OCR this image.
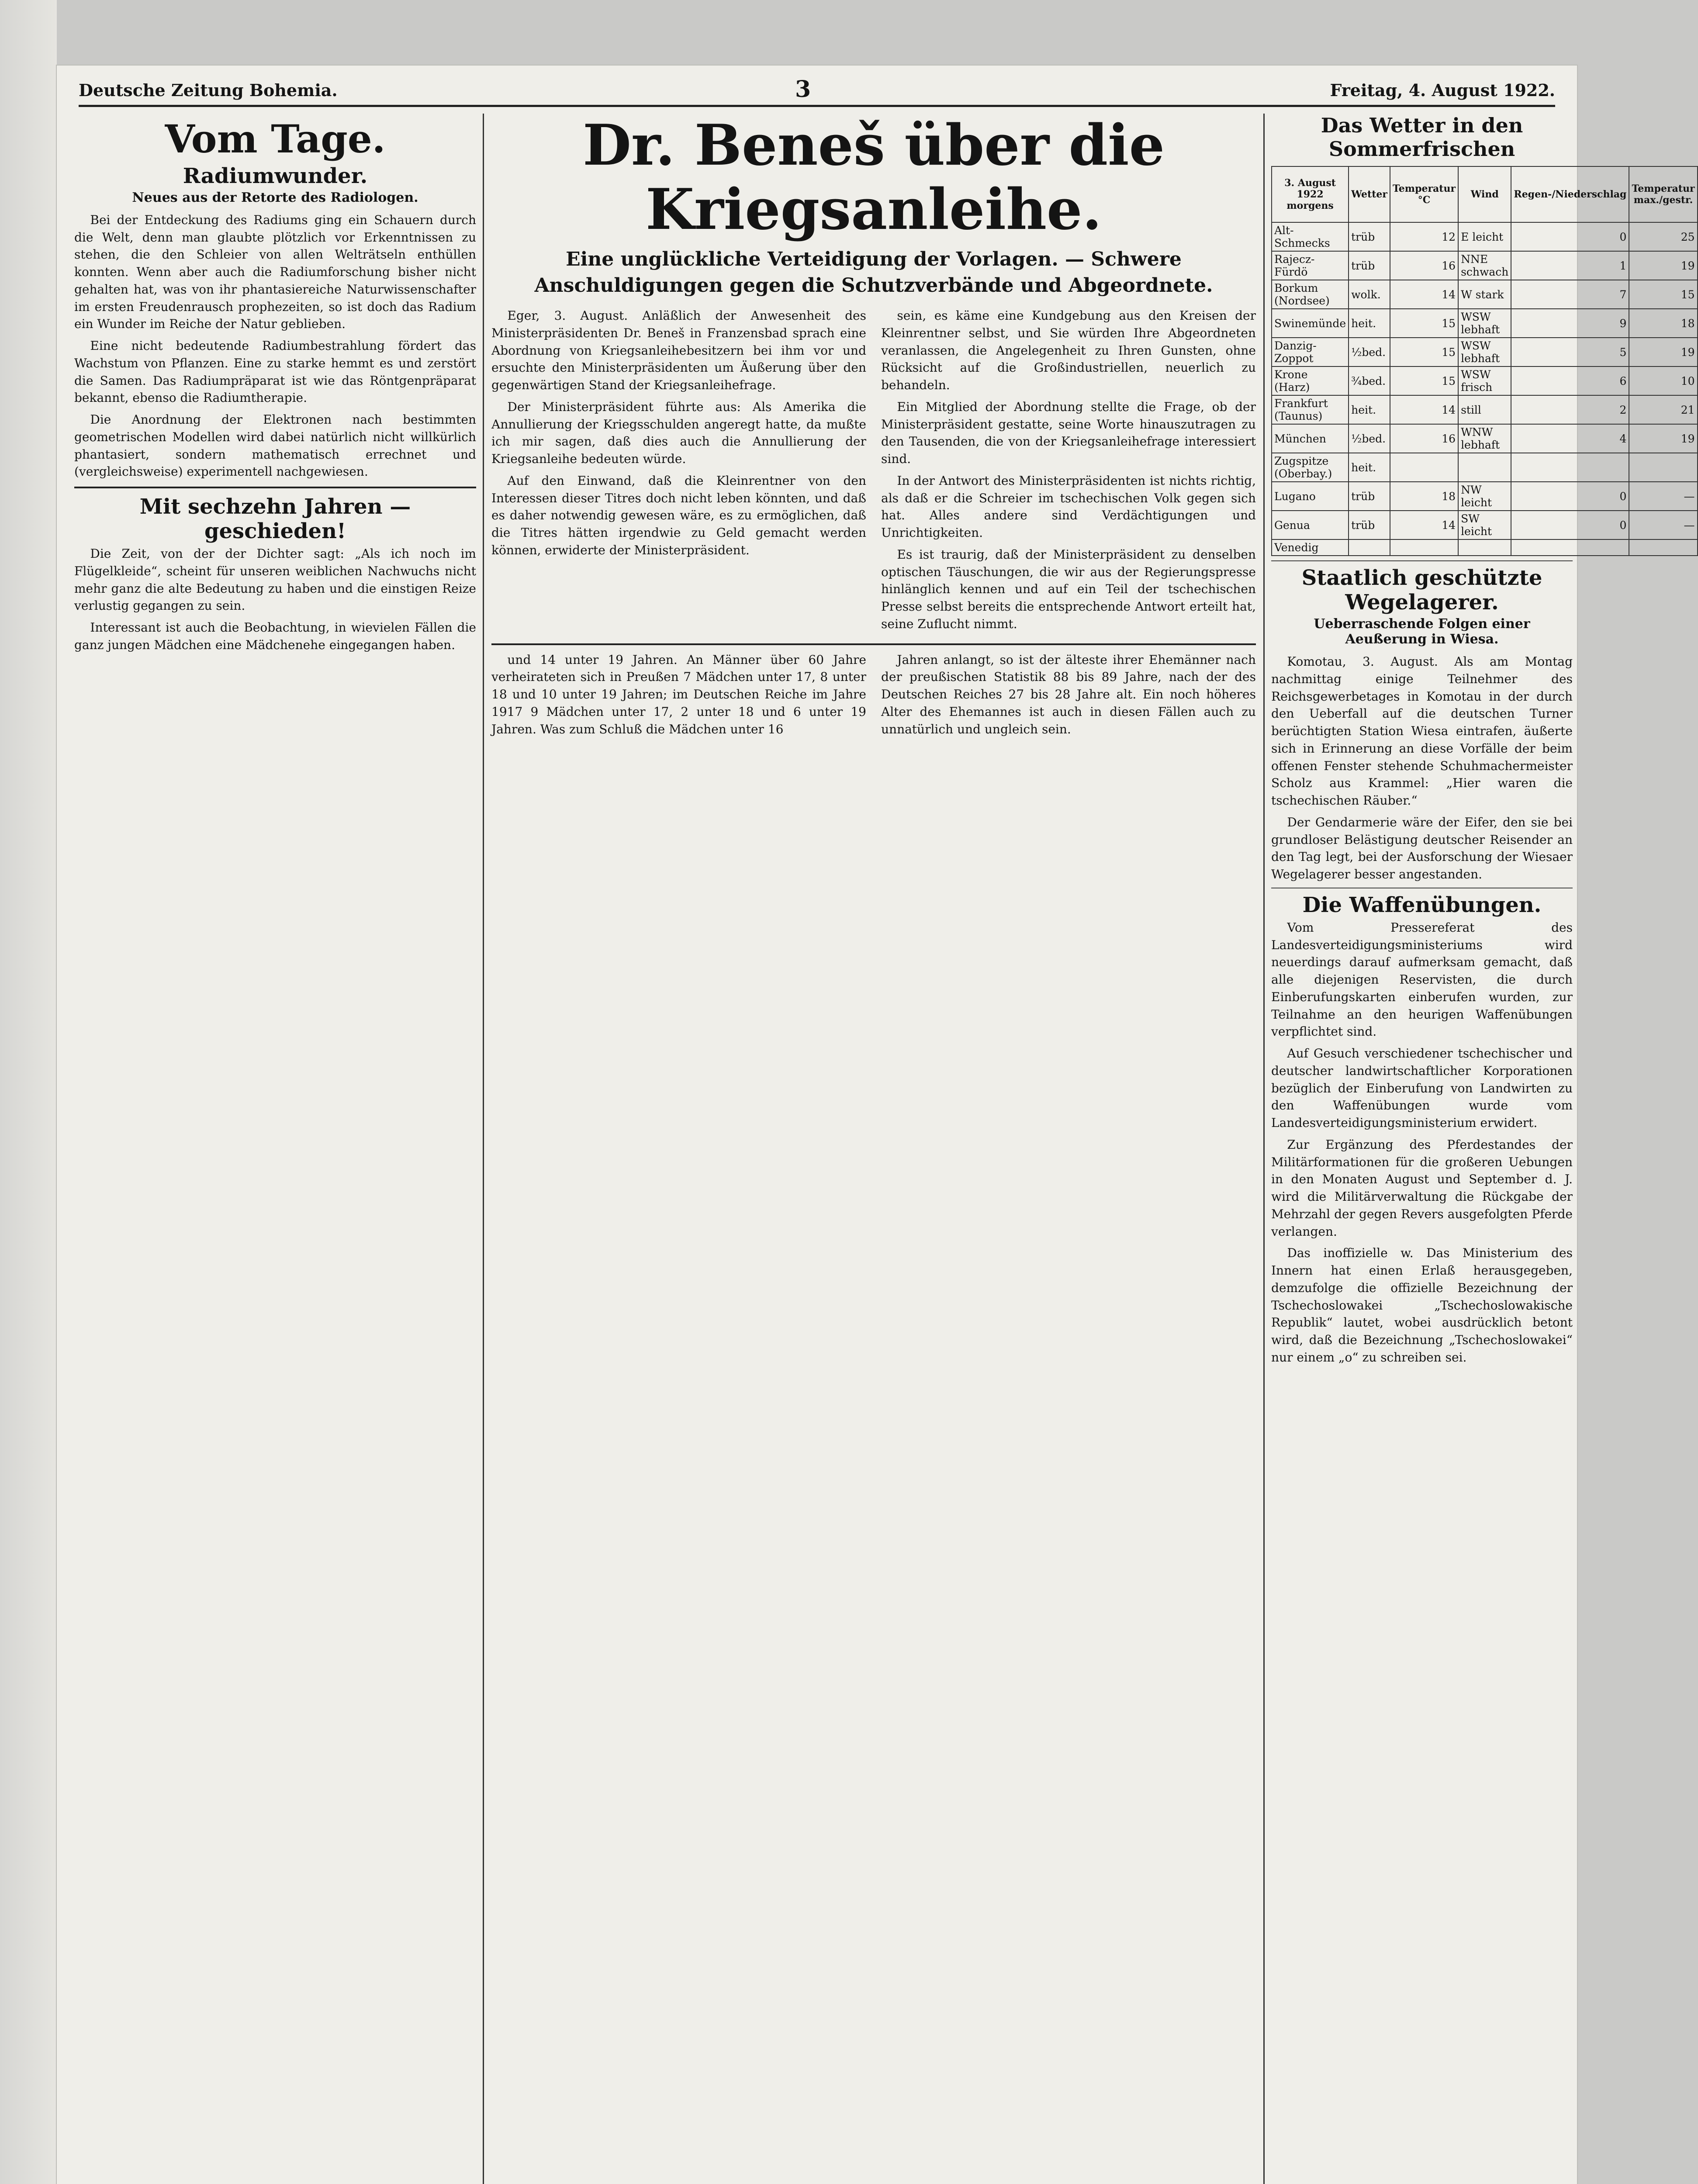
Deutsche Zeitung Bohemia.	3	Freitag, 4. August 1922.
Vom Tage.
Radiumwunder.
Neues aus der Retorte des Radiologen.

Bei der Entdeckung des Radiums ging ein Schauern durch die Welt, denn man glaubte plötzlich vor Erkenntnissen zu stehen, die den Schleier von allen Welträtseln enthüllen konnten. Wenn aber auch die Radiumforschung bisher nicht gehalten hat, was von ihr phantasiereiche Naturwissenschafter im ersten Freudenrausch prophezeiten, so ist doch das Radium ein Wunder im Reiche der Natur geblieben.

Eine nicht bedeutende Radiumbestrahlung fördert das Wachstum von Pflanzen. Eine zu starke hemmt es und zerstört die Samen. Das Radiumpräparat ist wie das Röntgenpräparat bekannt, ebenso die Radiumtherapie.

Die Anordnung der Elektronen nach bestimmten geometrischen Modellen wird dabei natürlich nicht willkürlich phantasiert, sondern mathematisch errechnet und (vergleichsweise) experimentell nachgewiesen.

Mit sechzehn Jahren — geschieden!

Die Zeit, von der der Dichter sagt: „Als ich noch im Flügelkleide“, scheint für unseren weiblichen Nachwuchs nicht mehr ganz die alte Bedeutung zu haben und die einstigen Reize verlustig gegangen zu sein.

Interessant ist auch die Beobachtung, in wievielen Fällen die ganz jungen Mädchen eine Mädchenehe eingegangen haben.

Dr. Beneš über die Kriegsanleihe.
Eine unglückliche Verteidigung der Vorlagen. — Schwere Anschuldigungen gegen die Schutzverbände und Abgeordnete.

Eger, 3. August. Anläßlich der Anwesenheit des Ministerpräsidenten Dr. Beneš in Franzensbad sprach eine Abordnung von Kriegsanleihebesitzern bei ihm vor und ersuchte den Ministerpräsidenten um Äußerung über den gegenwärtigen Stand der Kriegsanleihefrage.

Der Ministerpräsident führte aus: Als Amerika die Annullierung der Kriegsschulden angeregt hatte, da mußte ich mir sagen, daß dies auch die Annullierung der Kriegsanleihe bedeuten würde.

Auf den Einwand, daß die Kleinrentner von den Interessen dieser Titres doch nicht leben könnten, und daß es daher notwendig gewesen wäre, es zu ermöglichen, daß die Titres hätten irgendwie zu Geld gemacht werden können, erwiderte der Ministerpräsident.

sein, es käme eine Kundgebung aus den Kreisen der Kleinrentner selbst, und Sie würden Ihre Abgeordneten veranlassen, die Angelegenheit zu Ihren Gunsten, ohne Rücksicht auf die Großindustriellen, neuerlich zu behandeln.

Ein Mitglied der Abordnung stellte die Frage, ob der Ministerpräsident gestatte, seine Worte hinauszutragen zu den Tausenden, die von der Kriegsanleihefrage interessiert sind.

In der Antwort des Ministerpräsidenten ist nichts richtig, als daß er die Schreier im tschechischen Volk gegen sich hat. Alles andere sind Verdächtigungen und Unrichtigkeiten.

Es ist traurig, daß der Ministerpräsident zu denselben optischen Täuschungen, die wir aus der Regierungspresse hinlänglich kennen und auf ein Teil der tschechischen Presse selbst bereits die entsprechende Antwort erteilt hat, seine Zuflucht nimmt.

und 14 unter 19 Jahren. An Männer über 60 Jahre verheirateten sich in Preußen 7 Mädchen unter 17, 8 unter 18 und 10 unter 19 Jahren; im Deutschen Reiche im Jahre 1917 9 Mädchen unter 17, 2 unter 18 und 6 unter 19 Jahren. Was zum Schluß die Mädchen unter 16

Jahren anlangt, so ist der älteste ihrer Ehemänner nach der preußischen Statistik 88 bis 89 Jahre, nach der des Deutschen Reiches 27 bis 28 Jahre alt. Ein noch höheres Alter des Ehemannes ist auch in diesen Fällen auch zu unnatürlich und ungleich sein.

Das Wetter in den Sommerfrischen
3. August 1922
morgens	Wetter	Temperatur °C	Wind	Regen-/Niederschlag	Temperatur max./gestr.
Alt-Schmecks	trüb	12	E leicht	0	25
Rajecz-Fürdö	trüb	16	NNE schwach	1	19
Borkum (Nordsee)	wolk.	14	W stark	7	15
Swinemünde	heit.	15	WSW lebhaft	9	18
Danzig-Zoppot	½bed.	15	WSW lebhaft	5	19
Krone (Harz)	¾bed.	15	WSW frisch	6	10
Frankfurt (Taunus)	heit.	14	still	2	21
München	½bed.	16	WNW lebhaft	4	19
Zugspitze (Oberbay.)	heit.				
Lugano	trüb	18	NW leicht	0	—
Genua	trüb	14	SW leicht	0	—
Venedig					
Staatlich geschützte Wegelagerer.
Ueberraschende Folgen einer Aeußerung in Wiesa.

Komotau, 3. August. Als am Montag nachmittag einige Teilnehmer des Reichsgewerbetages in Komotau in der durch den Ueberfall auf die deutschen Turner berüchtigten Station Wiesa eintrafen, äußerte sich in Erinnerung an diese Vorfälle der beim offenen Fenster stehende Schuhmachermeister Scholz aus Krammel: „Hier waren die tschechischen Räuber.“

Der Gendarmerie wäre der Eifer, den sie bei grundloser Belästigung deutscher Reisender an den Tag legt, bei der Ausforschung der Wiesaer Wegelagerer besser angestanden.

Die Waffenübungen.

Vom Pressereferat des Landesverteidigungsministeriums wird neuerdings darauf aufmerksam gemacht, daß alle diejenigen Reservisten, die durch Einberufungskarten einberufen wurden, zur Teilnahme an den heurigen Waffenübungen verpflichtet sind.

Auf Gesuch verschiedener tschechischer und deutscher landwirtschaftlicher Korporationen bezüglich der Einberufung von Landwirten zu den Waffenübungen wurde vom Landesverteidigungsministerium erwidert.

Zur Ergänzung des Pferdestandes der Militärformationen für die großeren Uebungen in den Monaten August und September d. J. wird die Militärverwaltung die Rückgabe der Mehrzahl der gegen Revers ausgefolgten Pferde verlangen.

Das inoffizielle w. Das Ministerium des Innern hat einen Erlaß herausgegeben, demzufolge die offizielle Bezeichnung der Tschechoslowakei „Tschechoslowakische Republik“ lautet, wobei ausdrücklich betont wird, daß die Bezeichnung „Tschechoslowakei“ nur einem „o“ zu schreiben sei.
